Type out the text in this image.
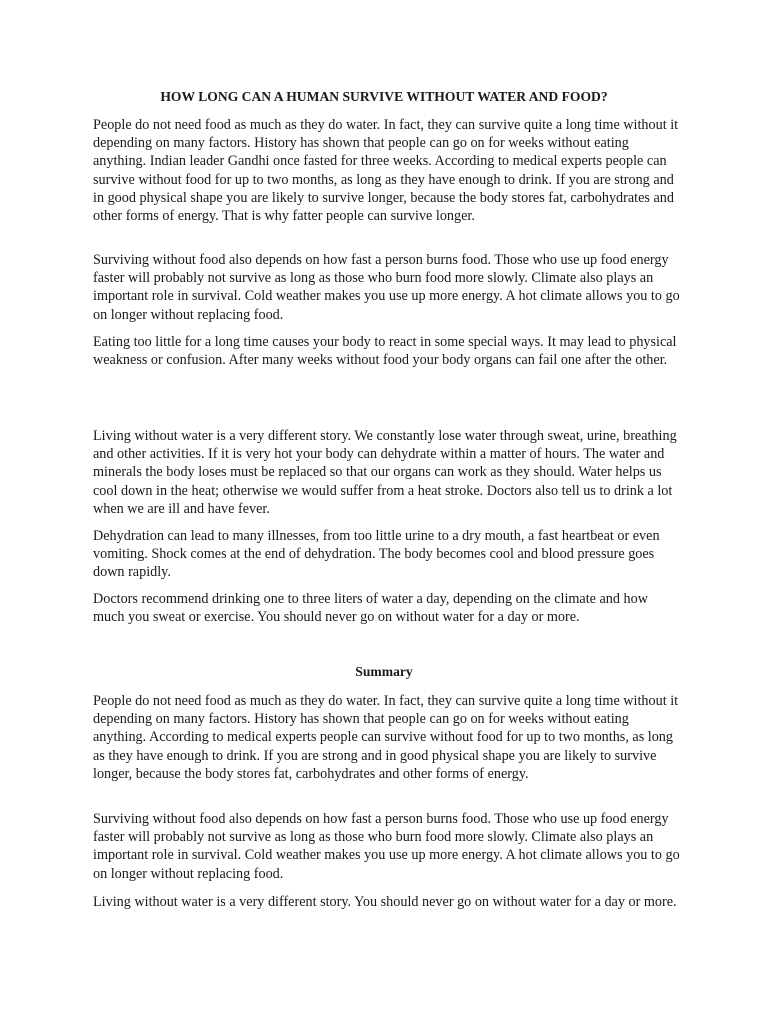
HOW LONG CAN A HUMAN SURVIVE WITHOUT WATER AND FOOD?

People do not need food as much as they do water. In fact, they can survive quite a long time without it depending on many factors. History has shown that people can go on for weeks without eating anything. Indian leader Gandhi once fasted for three weeks. According to medical experts people can survive without food for up to two months, as long as they have enough to drink. If you are strong and in good physical shape you are likely to survive longer, because the body stores fat, carbohydrates and other forms of energy. That is why fatter people can survive longer.

Surviving without food also depends on how fast a person burns food. Those who use up food energy faster will probably not survive as long as those who burn food more slowly. Climate also plays an important role in survival. Cold weather makes you use up more energy. A hot climate allows you to go on longer without replacing food.

Eating too little for a long time causes your body to react in some special ways. It may lead to physical weakness or confusion. After many weeks without food your body organs can fail one after the other.

Living without water is a very different story. We constantly lose water through sweat, urine, breathing and other activities. If it is very hot your body can dehydrate within a matter of hours. The water and minerals the body loses must be replaced so that our organs can work as they should. Water helps us cool down in the heat; otherwise we would suffer from a heat stroke. Doctors also tell us to drink a lot when we are ill and have fever.

Dehydration can lead to many illnesses, from too little urine to a dry mouth, a fast heartbeat or even vomiting. Shock comes at the end of dehydration. The body becomes cool and blood pressure goes down rapidly.

Doctors recommend drinking one to three liters of water a day, depending on the climate and how much you sweat or exercise. You should never go on without water for a day or more.

Summary

People do not need food as much as they do water. In fact, they can survive quite a long time without it depending on many factors. History has shown that people can go on for weeks without eating anything. According to medical experts people can survive without food for up to two months, as long as they have enough to drink. If you are strong and in good physical shape you are likely to survive longer, because the body stores fat, carbohydrates and other forms of energy.

Surviving without food also depends on how fast a person burns food. Those who use up food energy faster will probably not survive as long as those who burn food more slowly. Climate also plays an important role in survival. Cold weather makes you use up more energy. A hot climate allows you to go on longer without replacing food.

Living without water is a very different story. You should never go on without water for a day or more.
